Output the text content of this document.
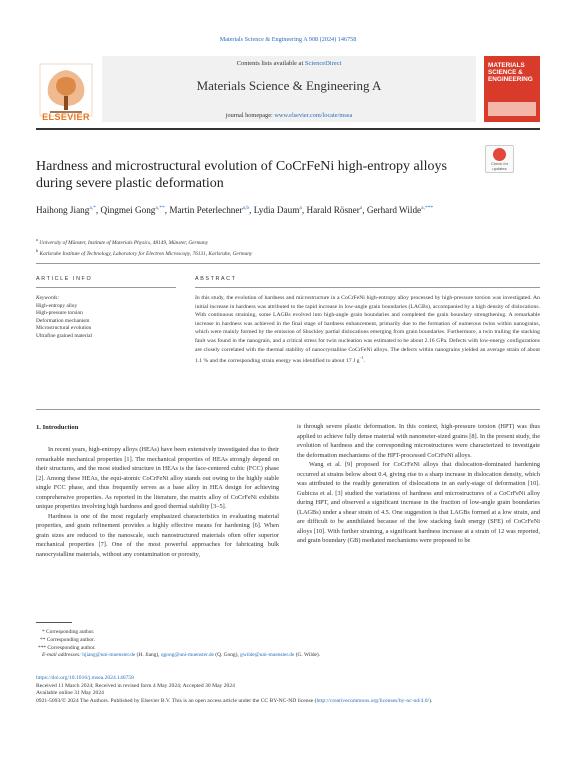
Materials Science & Engineering A 908 (2024) 146758
ELSEVIER
Contents lists available at ScienceDirect
Materials Science & Engineering A
journal homepage: www.elsevier.com/locate/msea
MATERIALS
SCIENCE &
ENGINEERING
Check for
updates
Hardness and microstructural evolution of CoCrFeNi high-entropy alloys during severe plastic deformation
Haihong Jiang$^{a,*}$, Qingmei Gong$^{a,**}$, Martin Peterlechner$^{a,b}$, Lydia Daum$^a$, Harald Rösner$^a$, Gerhard Wilde$^{a,***}$
$^a$ University of Münster, Institute of Materials Physics, 48149, Münster, Germany
$^b$ Karlsruhe Institute of Technology, Laboratory for Electron Microscopy, 76131, Karlsruhe, Germany
ARTICLE INFO	ABSTRACT
Keywords:
High-entropy alloy
High-pressure torsion
Deformation mechanism
Microstructural evolution
Ultrafine grained material
In this study, the evolution of hardness and microstructure in a CoCrFeNi high-entropy alloy processed by high-pressure torsion was investigated. An initial increase in hardness was attributed to the rapid increase in low-angle grain boundaries (LAGBs), accompanied by a high density of dislocations. With continuous straining, some LAGBs evolved into high-angle grain boundaries and completed the grain boundary strengthening. A remarkable increase in hardness was achieved in the final stage of hardness enhancement, primarily due to the formation of numerous twins within nanograins, which were mainly formed by the emission of Shockley partial dislocations emerging from grain boundaries. Furthermore, a twin trailing the stacking fault was found in the nanograin, and a critical stress for twin nucleation was estimated to be about 2.16 GPa. Defects with low-energy configurations are closely correlated with the thermal stability of nanocrystalline CoCrFeNi alloys. The defects within nanograins yielded an average strain of about 1.1 % and the corresponding strain energy was identified to about 17 J $g^{-1}$.
1. Introduction

In recent years, high-entropy alloys (HEAs) have been extensively investigated due to their remarkable mechanical properties [1]. The mechanical properties of HEAs strongly depend on their structures, and the most studied structure in HEAs is the face-centered cubic (FCC) phase [2]. Among these HEAs, the equi-atomic CoCrFeNi alloy stands out owing to the highly stable single FCC phase, and thus frequently serves as a base alloy in HEA design for achieving comprehensive properties. As reported in the literature, the matrix alloy of CoCrFeNi exhibits unique properties involving high hardness and good thermal stability [3–5].

Hardness is one of the most regularly emphasized characteristics in evaluating material properties, and grain refinement provides a highly effective means for hardening [6]. When grain sizes are reduced to the nanoscale, such nanostructured materials often offer superior mechanical properties [7]. One of the most powerful approaches for fabricating bulk nanocrystalline materials, without any contamination or porosity,

is through severe plastic deformation. In this context, high-pressure torsion (HPT) was thus applied to achieve fully dense material with nanometer-sized grains [8]. In the present study, the evolution of hardness and the corresponding microstructures were characterized to investigate the deformation mechanisms of the HPT-processed CoCrFeNi alloys.

Wang et al. [9] proposed for CoCrFeNi alloys that dislocation-dominated hardening occurred at strains below about 0.4, giving rise to a sharp increase in dislocation density, which was attributed to the readily generation of dislocations in an early-stage of deformation [10]. Gubicza et al. [3] studied the variations of hardness and microstructures of a CoCrFeNi alloy during HPT, and observed a significant increase in the fraction of low-angle grain boundaries (LAGBs) under a shear strain of 4.5. One suggestion is that LAGBs formed at a low strain, and are difficult to be annihilated because of the low stacking fault energy (SFE) of CoCrFeNi alloys [10]. With further straining, a significant hardness increase at a strain of 12 was reported, and grain boundary (GB) mediated mechanisms were proposed to be

* Corresponding author.
** Corresponding author.
*** Corresponding author.
E-mail addresses: hjiang@uni-muenster.de (H. Jiang), qgong@uni-muenster.de (Q. Gong), gwilde@uni-muenster.de (G. Wilde).
https://doi.org/10.1016/j.msea.2024.146758
Received 11 March 2024; Received in revised form 4 May 2024; Accepted 30 May 2024
Available online 31 May 2024
0921-5093/© 2024 The Authors. Published by Elsevier B.V. This is an open access article under the CC BY-NC-ND license (http://creativecommons.org/licenses/by-nc-nd/4.0/).
